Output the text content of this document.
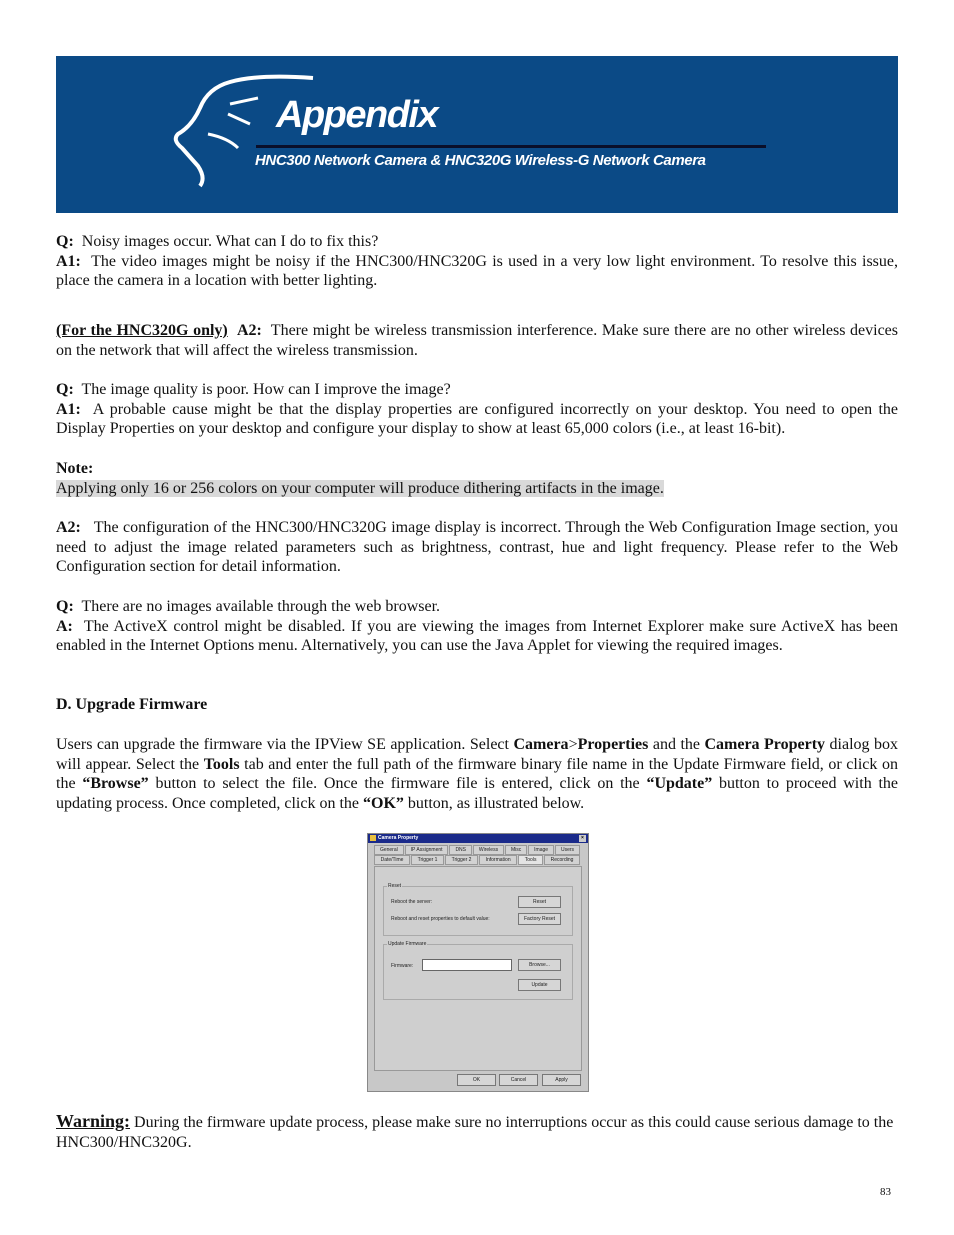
Appendix
HNC300 Network Camera & HNC320G Wireless-G Network Camera

Q: Noisy images occur. What can I do to fix this?

A1: The video images might be noisy if the HNC300/HNC320G is used in a very low light environment. To resolve this issue, place the camera in a location with better lighting.

(For the HNC320G only) A2: There might be wireless transmission interference. Make sure there are no other wireless devices on the network that will affect the wireless transmission.

Q: The image quality is poor. How can I improve the image?

A1: A probable cause might be that the display properties are configured incorrectly on your desktop. You need to open the Display Properties on your desktop and configure your display to show at least 65,000 colors (i.e., at least 16-bit).

Note:

Applying only 16 or 256 colors on your computer will produce dithering artifacts in the image.

A2: The configuration of the HNC300/HNC320G image display is incorrect. Through the Web Configuration Image section, you need to adjust the image related parameters such as brightness, contrast, hue and light frequency. Please refer to the Web Configuration section for detail information.

Q: There are no images available through the web browser.

A: The ActiveX control might be disabled. If you are viewing the images from Internet Explorer make sure ActiveX has been enabled in the Internet Options menu. Alternatively, you can use the Java Applet for viewing the required images.

D. Upgrade Firmware

Users can upgrade the firmware via the IPView SE application. Select Camera>Properties and the Camera Property dialog box will appear. Select the Tools tab and enter the full path of the firmware binary file name in the Update Firmware field, or click on the “Browse” button to select the file. Once the firmware file is entered, click on the “Update” button to proceed with the updating process. Once completed, click on the “OK” button, as illustrated below.

Camera Property	×
General	IP Assignment	DNS	Wireless	Misc	Image	Users
Date/Time	Trigger 1	Trigger 2	Information	Tools	Recording
Reset
Reboot the server:	Reset
Reboot and reset properties to default value:	Factory Reset
Update Firmware
Firmware:	Browse...
Update
OK	Cancel	Apply

Warning: During the firmware update process, please make sure no interruptions occur as this could cause serious damage to the HNC300/HNC320G.

83
